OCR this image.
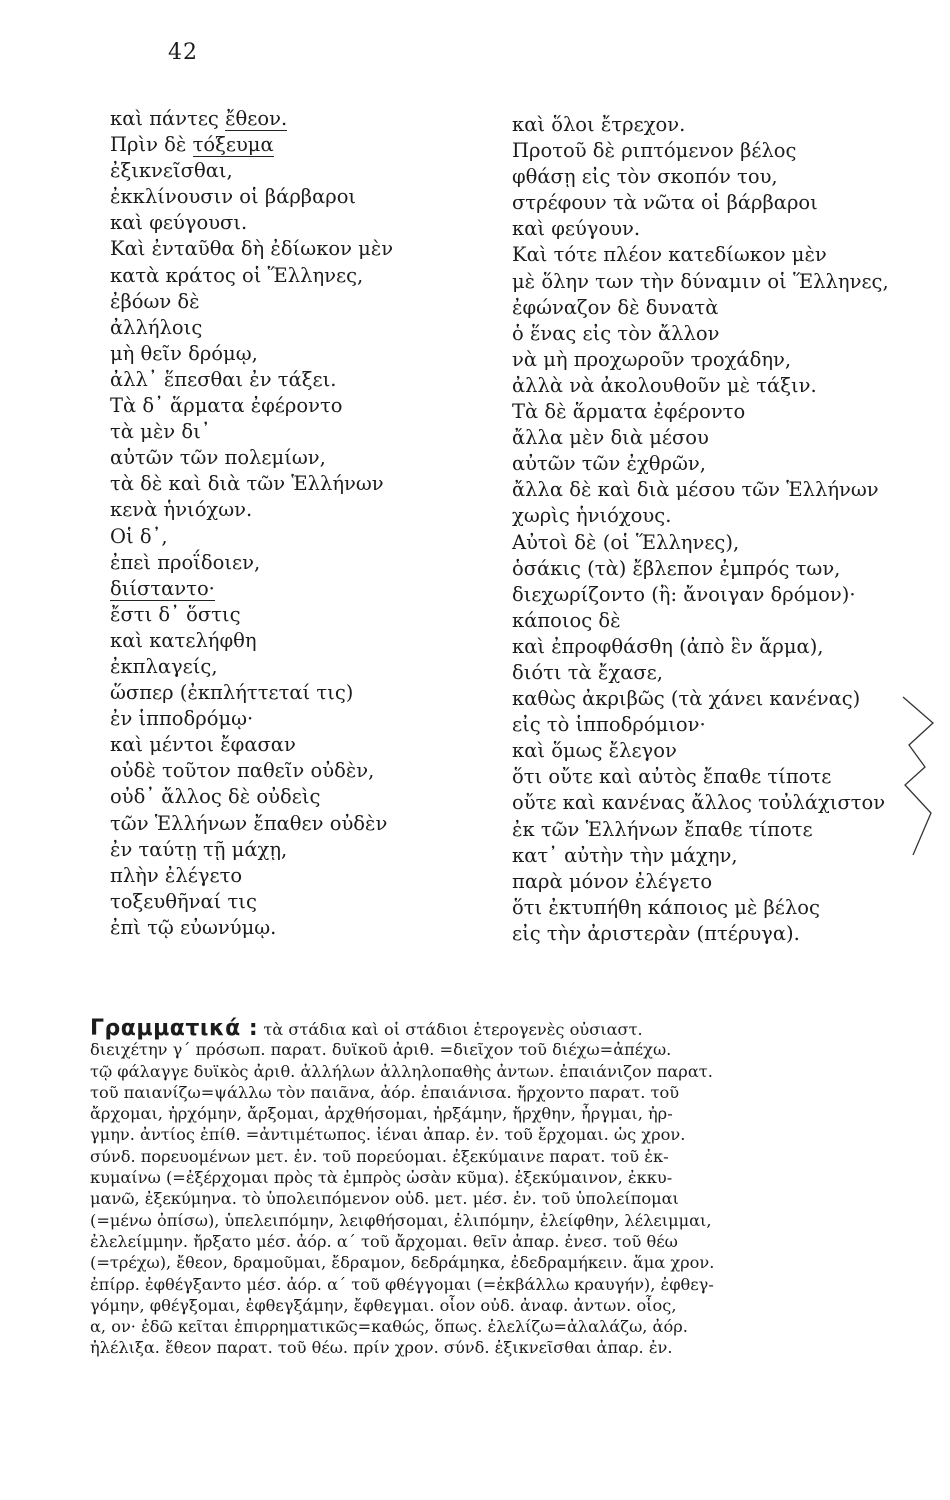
42
καὶ πάντες ἔθεον.
Πρὶν δὲ τόξευμα
ἐξικνεῖσθαι,
ἐκκλίνουσιν οἱ βάρβαροι
καὶ φεύγουσι.
Καὶ ἐνταῦθα δὴ ἐδίωκον μὲν
κατὰ κράτος οἱ Ἕλληνες,
ἐβόων δὲ
ἀλλήλοις
μὴ θεῖν δρόμῳ,
ἀλλ᾽ ἕπεσθαι ἐν τάξει.
Τὰ δ᾽ ἅρματα ἐφέροντο
τὰ μὲν δι᾽
αὐτῶν τῶν πολεμίων,
τὰ δὲ καὶ διὰ τῶν Ἑλλήνων
κενὰ ἡνιόχων.
Οἱ δ᾽,
ἐπεὶ προΐδοιεν,
διίσταντο·
ἔστι δ᾽ ὅστις
καὶ κατελήφθη
ἐκπλαγείς,
ὥσπερ (ἐκπλήττεταί τις)
ἐν ἱπποδρόμῳ·
καὶ μέντοι ἔφασαν
οὐδὲ τοῦτον παθεῖν οὐδὲν,
οὐδ᾽ ἄλλος δὲ οὐδεὶς
τῶν Ἑλλήνων ἔπαθεν οὐδὲν
ἐν ταύτῃ τῇ μάχῃ,
πλὴν ἐλέγετο
τοξευθῆναί τις
ἐπὶ τῷ εὐωνύμῳ.
καὶ ὅλοι ἔτρεχον.
Προτοῦ δὲ ριπτόμενον βέλος
φθάσῃ εἰς τὸν σκοπόν του,
στρέφουν τὰ νῶτα οἱ βάρβαροι
καὶ φεύγουν.
Καὶ τότε πλέον κατεδίωκον μὲν
μὲ ὅλην των τὴν δύναμιν οἱ Ἕλληνες,
ἐφώναζον δὲ δυνατὰ
ὁ ἕνας εἰς τὸν ἄλλον
νὰ μὴ προχωροῦν τροχάδην,
ἀλλὰ νὰ ἀκολουθοῦν μὲ τάξιν.
Τὰ δὲ ἅρματα ἐφέροντο
ἄλλα μὲν διὰ μέσου
αὐτῶν τῶν ἐχθρῶν,
ἄλλα δὲ καὶ διὰ μέσου τῶν Ἑλλήνων
χωρὶς ἡνιόχους.
Αὐτοὶ δὲ (οἱ Ἕλληνες),
ὁσάκις (τὰ) ἔβλεπον ἐμπρός των,
διεχωρίζοντο (ἢ: ἄνοιγαν δρόμον)·
κάποιος δὲ
καὶ ἐπροφθάσθη (ἀπὸ ἓν ἅρμα),
διότι τὰ ἔχασε,
καθὼς ἀκριβῶς (τὰ χάνει κανένας)
εἰς τὸ ἱπποδρόμιον·
καὶ ὅμως ἔλεγον
ὅτι οὔτε καὶ αὐτὸς ἔπαθε τίποτε
οὔτε καὶ κανένας ἄλλος τοὐλάχιστον
ἐκ τῶν Ἑλλήνων ἔπαθε τίποτε
κατ᾽ αὐτὴν τὴν μάχην,
παρὰ μόνον ἐλέγετο
ὅτι ἐκτυπήθη κάποιος μὲ βέλος
εἰς τὴν ἀριστερὰν (πτέρυγα).
Γραμματικά : τὰ στάδια καὶ οἱ στάδιοι ἑτερογενὲς οὐσιαστ.
διειχέτην γ΄ πρόσωπ. παρατ. δυϊκοῦ ἀριθ. =διεῖχον τοῦ διέχω=ἀπέχω.
τῷ φάλαγγε δυϊκὸς ἀριθ. ἀλλήλων ἀλληλοπαθὴς ἀντων. ἐπαιάνιζον παρατ.
τοῦ παιανίζω=ψάλλω τὸν παιᾶνα, ἀόρ. ἐπαιάνισα. ἤρχοντο παρατ. τοῦ
ἄρχομαι, ἠρχόμην, ἄρξομαι, ἀρχθήσομαι, ἠρξάμην, ἤρχθην, ἦργμαι, ἠρ-
γμην. ἀντίος ἐπίθ. =ἀντιμέτωπος. ἰέναι ἀπαρ. ἐν. τοῦ ἔρχομαι. ὡς χρον.
σύνδ. πορευομένων μετ. ἐν. τοῦ πορεύομαι. ἐξεκύμαινε παρατ. τοῦ ἐκ-
κυμαίνω (=ἐξέρχομαι πρὸς τὰ ἐμπρὸς ὡσὰν κῦμα). ἐξεκύμαινον, ἐκκυ-
μανῶ, ἐξεκύμηνα. τὸ ὑπολειπόμενον οὐδ. μετ. μέσ. ἐν. τοῦ ὑπολείπομαι
(=μένω ὀπίσω), ὑπελειπόμην, λειφθήσομαι, ἐλιπόμην, ἐλείφθην, λέλειμμαι,
ἐλελείμμην. ἤρξατο μέσ. ἀόρ. α΄ τοῦ ἄρχομαι. θεῖν ἀπαρ. ἐνεσ. τοῦ θέω
(=τρέχω), ἔθεον, δραμοῦμαι, ἔδραμον, δεδράμηκα, ἐδεδραμήκειν. ἅμα χρον.
ἐπίρρ. ἐφθέγξαντο μέσ. ἀόρ. α΄ τοῦ φθέγγομαι (=ἐκβάλλω κραυγήν), ἐφθεγ-
γόμην, φθέγξομαι, ἐφθεγξάμην, ἔφθεγμαι. οἷον οὐδ. ἀναφ. ἀντων. οἷος,
α, ον· ἐδῶ κεῖται ἐπιρρηματικῶς=καθώς, ὅπως. ἐλελίζω=ἀλαλάζω, ἀόρ.
ἠλέλιξα. ἔθεον παρατ. τοῦ θέω. πρίν χρον. σύνδ. ἐξικνεῖσθαι ἀπαρ. ἐν.
